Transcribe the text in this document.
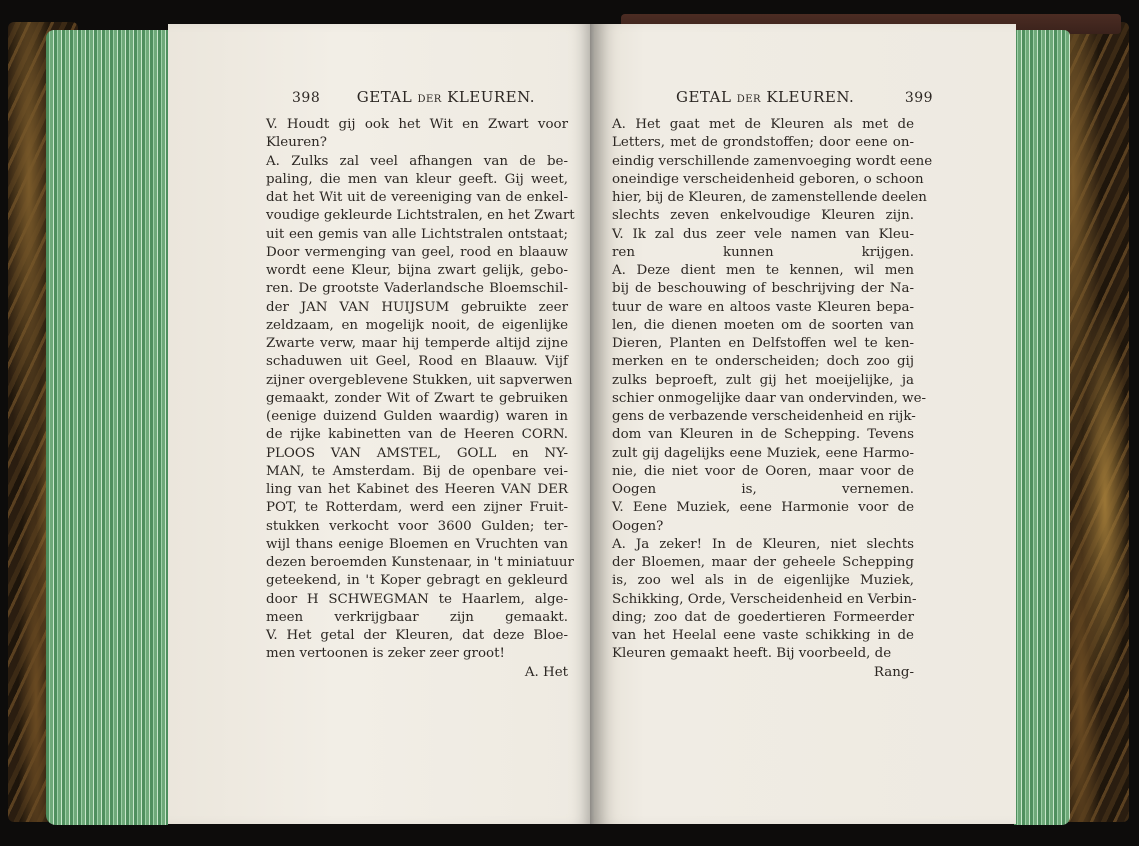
398 GETAL DER KLEUREN.
V. Houdt gij ook het Wit en Zwart voor
Kleuren?
A. Zulks zal veel afhangen van de be-
paling, die men van kleur geeft. Gij weet,
dat het Wit uit de vereeniging van de enkel-
voudige gekleurde Lichtstralen, en het Zwart
uit een gemis van alle Lichtstralen ontstaat;
Door vermenging van geel, rood en blaauw
wordt eene Kleur, bijna zwart gelijk, gebo-
ren. De grootste Vaderlandsche Bloemschil-
der JAN VAN HUIJSUM gebruikte zeer
zeldzaam, en mogelijk nooit, de eigenlijke
Zwarte verw, maar hij temperde altijd zijne
schaduwen uit Geel, Rood en Blaauw. Vijf
zijner overgeblevene Stukken, uit sapverwen
gemaakt, zonder Wit of Zwart te gebruiken
(eenige duizend Gulden waardig) waren in
de rijke kabinetten van de Heeren CORN.
PLOOS VAN AMSTEL, GOLL en NY-
MAN, te Amsterdam. Bij de openbare vei-
ling van het Kabinet des Heeren VAN DER
POT, te Rotterdam, werd een zijner Fruit-
stukken verkocht voor 3600 Gulden; ter-
wijl thans eenige Bloemen en Vruchten van
dezen beroemden Kunstenaar, in 't miniatuur
geteekend, in 't Koper gebragt en gekleurd
door H SCHWEGMAN te Haarlem, alge-
meen verkrijgbaar zijn gemaakt.
V. Het getal der Kleuren, dat deze Bloe-
men vertoonen is zeker zeer groot!
A. Het
GETAL DER KLEUREN.	399
A. Het gaat met de Kleuren als met de
Letters, met de grondstoffen; door eene on-
eindig verschillende zamenvoeging wordt eene
oneindige verscheidenheid geboren, o schoon
hier, bij de Kleuren, de zamenstellende deelen
slechts zeven enkelvoudige Kleuren zijn.
V. Ik zal dus zeer vele namen van Kleu-
ren kunnen krijgen.
A. Deze dient men te kennen, wil men
bij de beschouwing of beschrijving der Na-
tuur de ware en altoos vaste Kleuren bepa-
len, die dienen moeten om de soorten van
Dieren, Planten en Delfstoffen wel te ken-
merken en te onderscheiden; doch zoo gij
zulks beproeft, zult gij het moeijelijke, ja
schier onmogelijke daar van ondervinden, we-
gens de verbazende verscheidenheid en rijk-
dom van Kleuren in de Schepping. Tevens
zult gij dagelijks eene Muziek, eene Harmo-
nie, die niet voor de Ooren, maar voor de
Oogen is, vernemen.
V. Eene Muziek, eene Harmonie voor de
Oogen?
A. Ja zeker! In de Kleuren, niet slechts
der Bloemen, maar der geheele Schepping
is, zoo wel als in de eigenlijke Muziek,
Schikking, Orde, Verscheidenheid en Verbin-
ding; zoo dat de goedertieren Formeerder
van het Heelal eene vaste schikking in de
Kleuren gemaakt heeft. Bij voorbeeld, de
Rang-
